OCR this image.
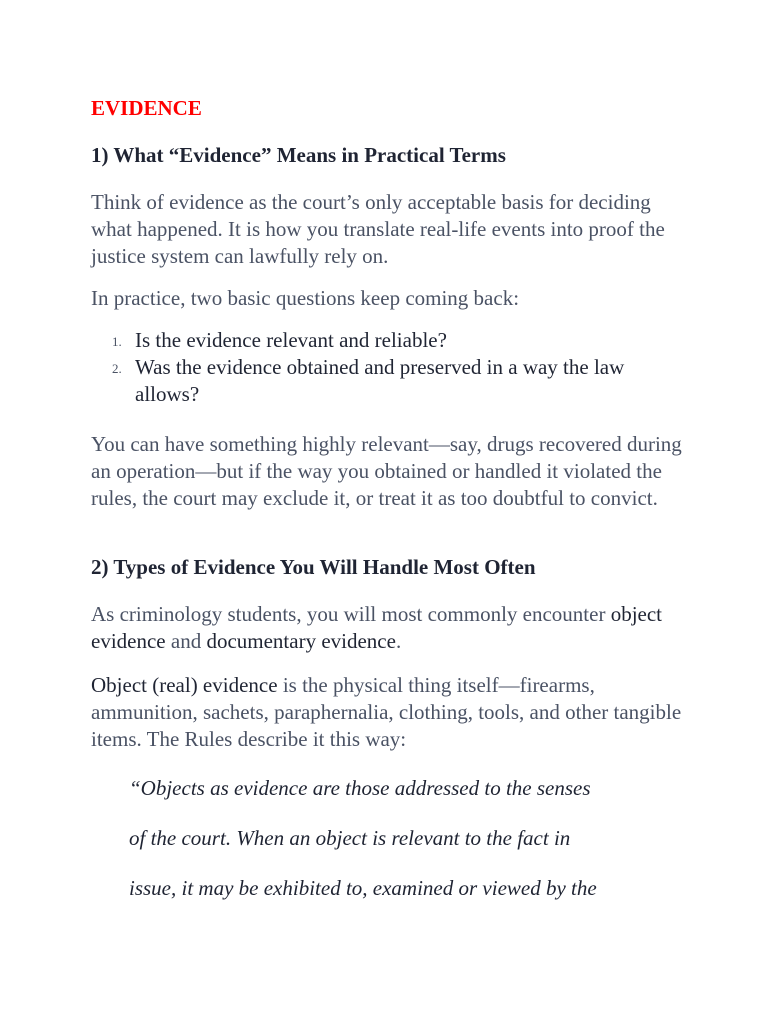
EVIDENCE
1) What “Evidence” Means in Practical Terms

Think of evidence as the court’s only acceptable basis for deciding what happened. It is how you translate real-life events into proof the justice system can lawfully rely on.

In practice, two basic questions keep coming back:

1. Is the evidence relevant and reliable?
2. Was the evidence obtained and preserved in a way the law allows?

You can have something highly relevant—say, drugs recovered during an operation—but if the way you obtained or handled it violated the rules, the court may exclude it, or treat it as too doubtful to convict.

2) Types of Evidence You Will Handle Most Often

As criminology students, you will most commonly encounter object evidence and documentary evidence.

Object (real) evidence is the physical thing itself—firearms, ammunition, sachets, paraphernalia, clothing, tools, and other tangible items. The Rules describe it this way:

“Objects as evidence are those addressed to the senses

of the court. When an object is relevant to the fact in

issue, it may be exhibited to, examined or viewed by the
